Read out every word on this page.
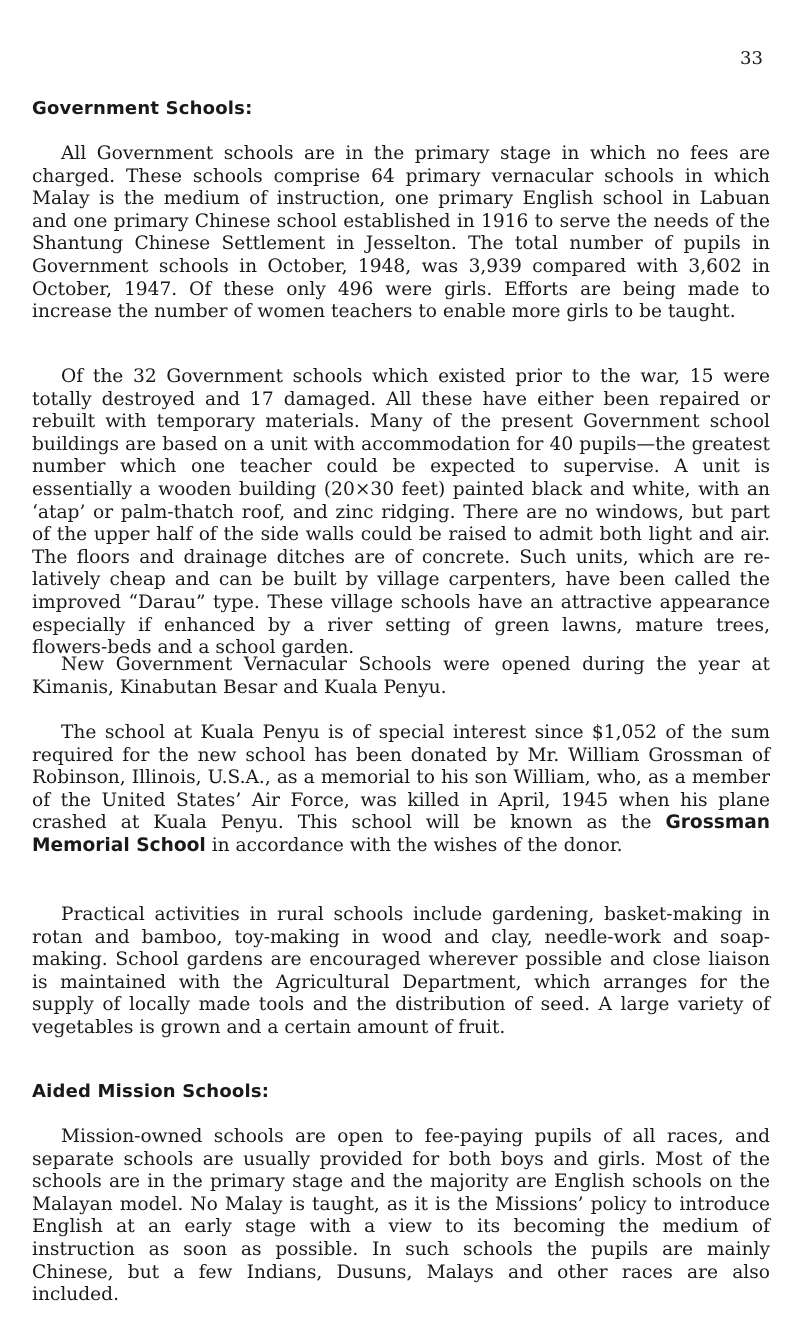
33
Government Schools:

All Government schools are in the primary stage in which no fees are charged. These schools comprise 64 primary vernacular schools in which Malay is the medium of instruction, one primary English school in Labuan and one primary Chinese school established in 1916 to serve the needs of the Shantung Chinese Settlement in Jesselton. The total number of pupils in Government schools in October, 1948, was 3,939 compared with 3,602 in October, 1947. Of these only 496 were girls. Efforts are being made to increase the number of women teachers to enable more girls to be taught.

Of the 32 Government schools which existed prior to the war, 15 were totally destroyed and 17 damaged. All these have either been repaired or rebuilt with temporary materials. Many of the present Government school buildings are based on a unit with accommodation for 40 pupils—the greatest number which one teacher could be expected to supervise. A unit is essentially a wooden building (20×30 feet) painted black and white, with an ‘atap’ or palm-thatch roof, and zinc ridging. There are no windows, but part of the upper half of the side walls could be raised to admit both light and air. The floors and drainage ditches are of concrete. Such units, which are relatively cheap and can be built by village carpenters, have been called the improved “Darau” type. These village schools have an attractive appearance especially if enhanced by a river setting of green lawns, mature trees, flowers-beds and a school garden.

New Government Vernacular Schools were opened during the year at Kimanis, Kinabutan Besar and Kuala Penyu.

The school at Kuala Penyu is of special interest since $1,052 of the sum required for the new school has been donated by Mr. William Grossman of Robinson, Illinois, U.S.A., as a memorial to his son William, who, as a member of the United States’ Air Force, was killed in April, 1945 when his plane crashed at Kuala Penyu. This school will be known as the Grossman Memorial School in accordance with the wishes of the donor.

Practical activities in rural schools include gardening, basket-making in rotan and bamboo, toy-making in wood and clay, needle-work and soap-making. School gardens are encouraged wherever possible and close liaison is maintained with the Agricultural Department, which arranges for the supply of locally made tools and the distribution of seed. A large variety of vegetables is grown and a certain amount of fruit.

Aided Mission Schools:

Mission-owned schools are open to fee-paying pupils of all races, and separate schools are usually provided for both boys and girls. Most of the schools are in the primary stage and the majority are English schools on the Malayan model. No Malay is taught, as it is the Missions’ policy to introduce English at an early stage with a view to its becoming the medium of instruction as soon as possible. In such schools the pupils are mainly Chinese, but a few Indians, Dusuns, Malays and other races are also included.
